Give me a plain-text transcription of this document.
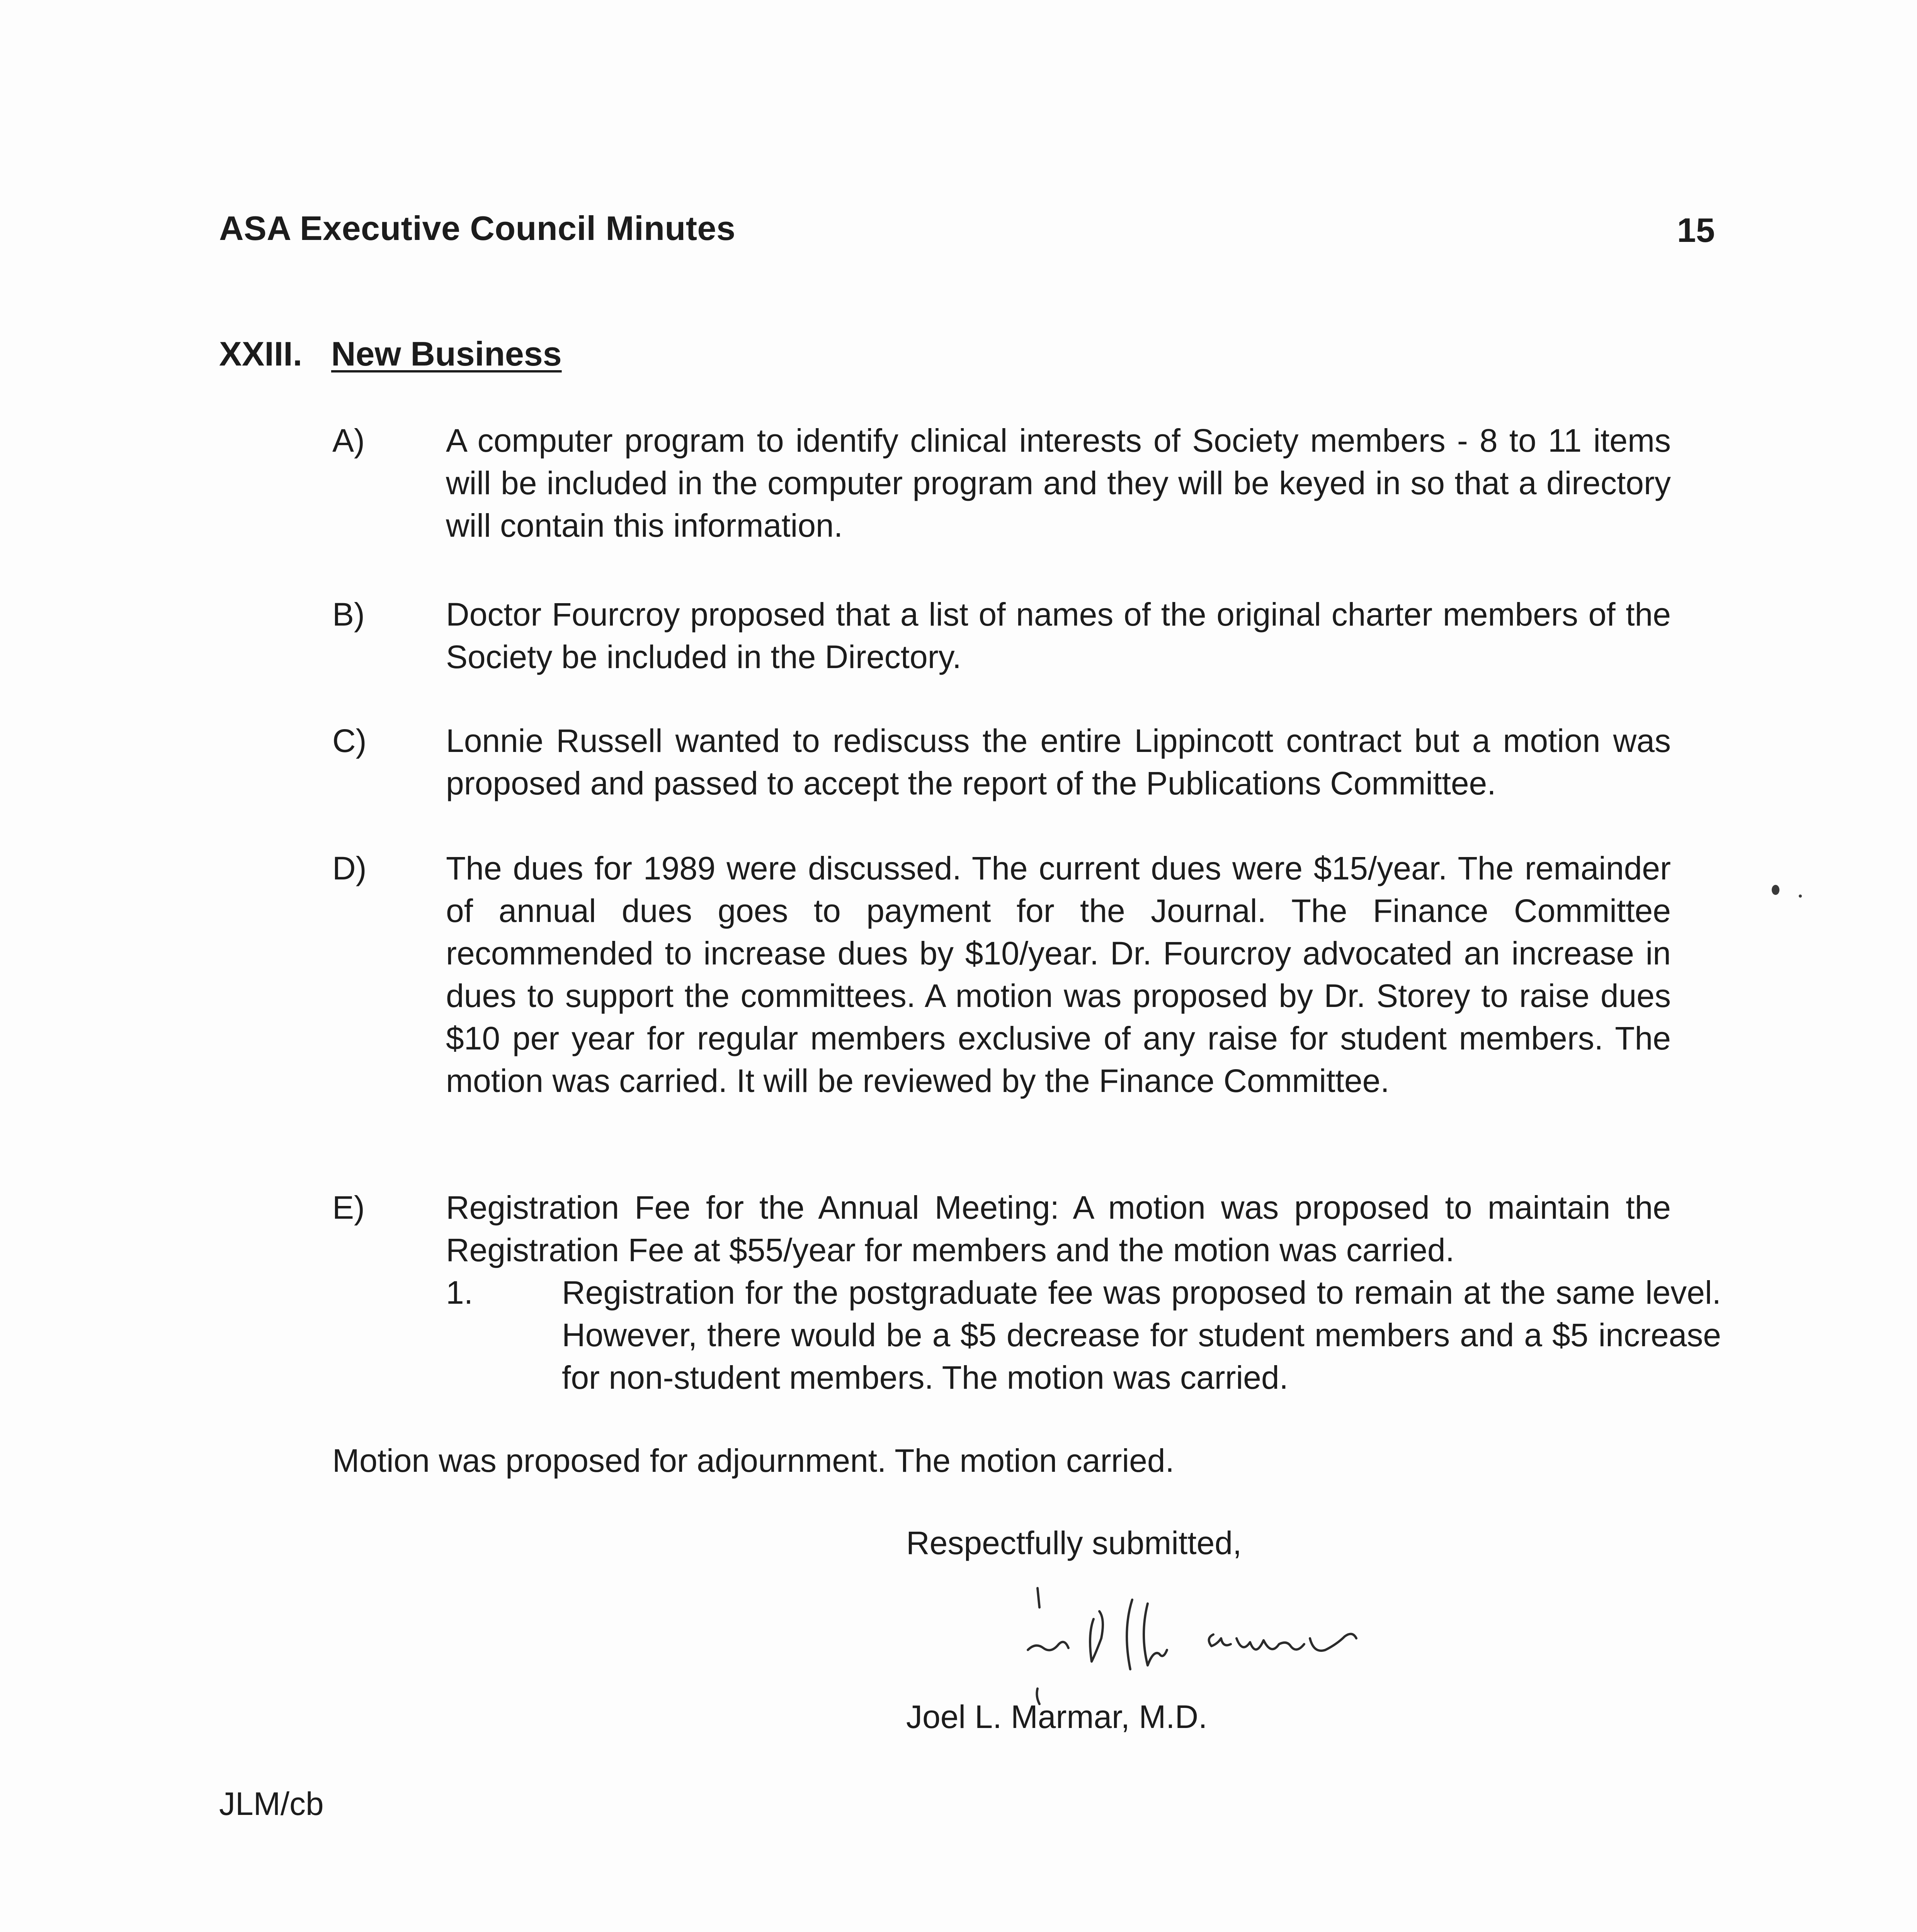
ASA Executive Council Minutes	15
XXIII. New Business
A)	A computer program to identify clinical interests of Society members - 8 to 11 items will be included in the computer program and they will be keyed in so that a directory will contain this information.
B)	Doctor Fourcroy proposed that a list of names of the original charter members of the Society be included in the Directory.
C)	Lonnie Russell wanted to rediscuss the entire Lippincott contract but a motion was proposed and passed to accept the report of the Publications Committee.
D)	The dues for 1989 were discussed. The current dues were $15/year. The remainder of annual dues goes to payment for the Journal. The Finance Committee recommended to increase dues by $10/year. Dr. Fourcroy advocated an increase in dues to support the committees. A motion was proposed by Dr. Storey to raise dues $10 per year for regular members exclusive of any raise for student members. The motion was carried. It will be reviewed by the Finance Committee.
E)	Registration Fee for the Annual Meeting: A motion was proposed to maintain the Registration Fee at $55/year for members and the motion was carried.
1.	Registration for the postgraduate fee was proposed to remain at the same level. However, there would be a $5 decrease for student members and a $5 increase for non-student members. The motion was carried.
Motion was proposed for adjournment. The motion carried.
Respectfully submitted,
Joel L. Marmar, M.D.
JLM/cb
